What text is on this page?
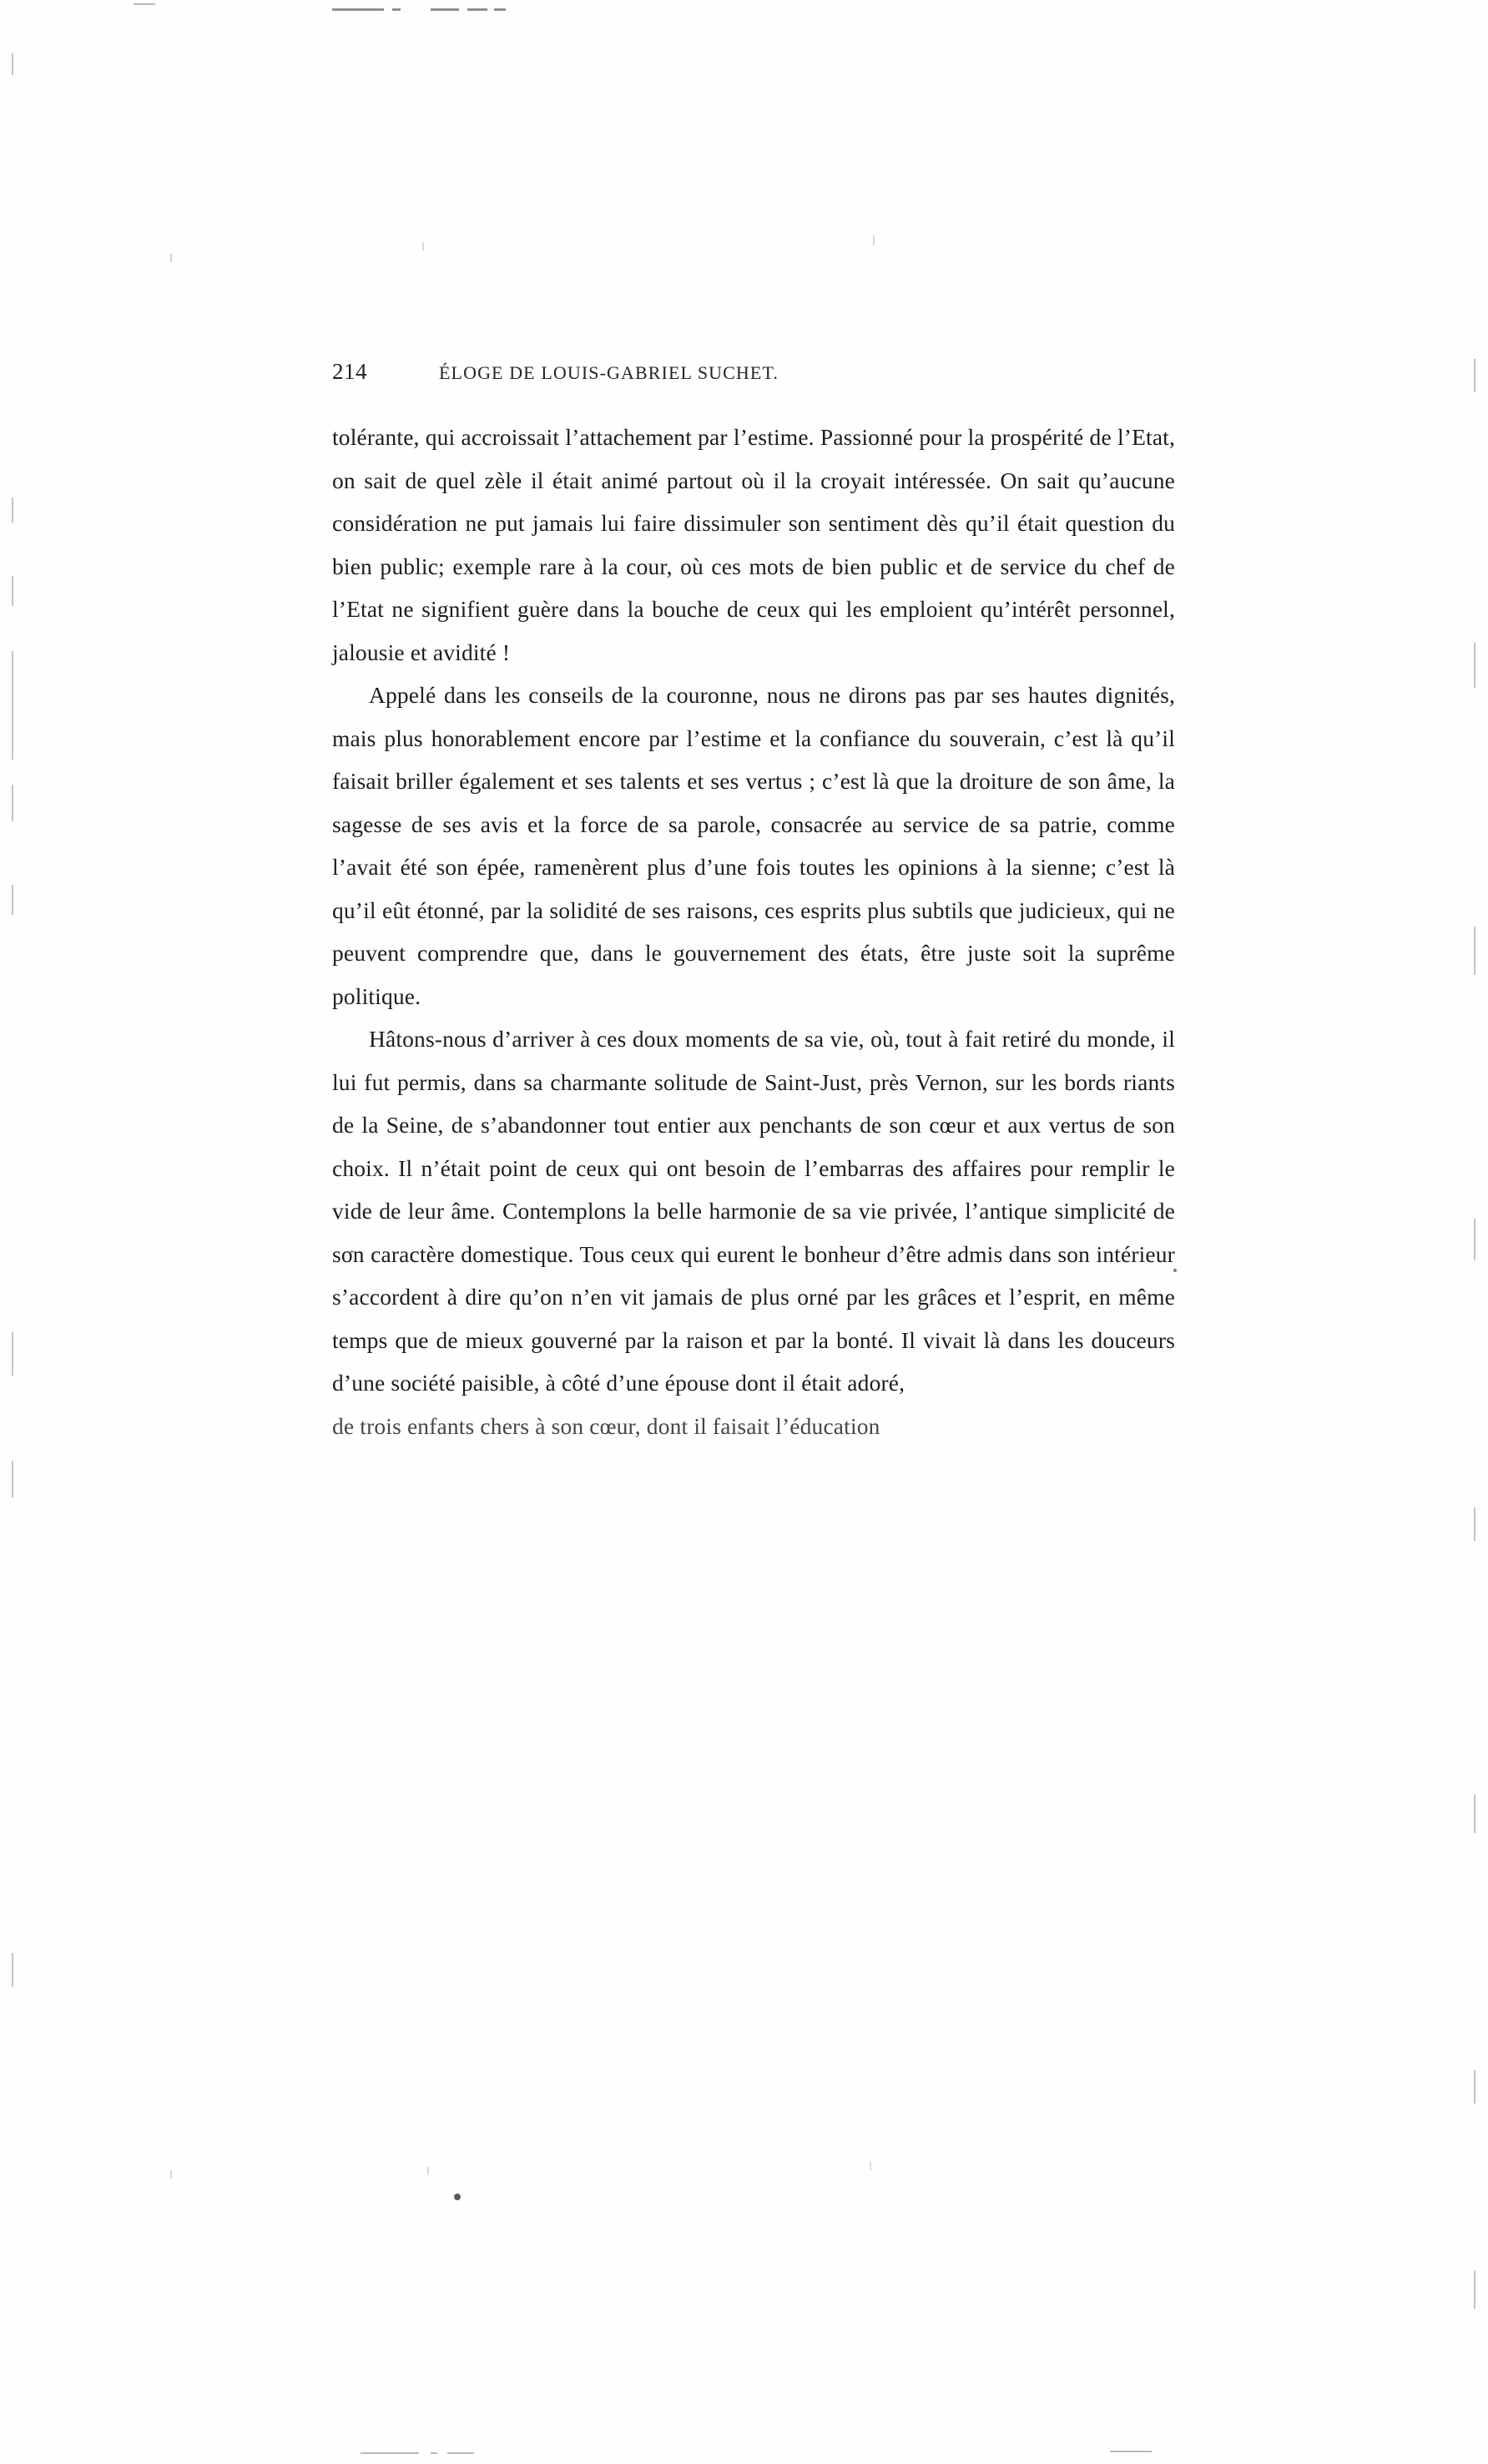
214	ÉLOGE DE LOUIS-GABRIEL SUCHET.

tolérante, qui accroissait l’attachement par l’estime. Passionné pour la prospérité de l’Etat, on sait de quel zèle il était animé partout où il la croyait intéressée. On sait qu’aucune considération ne put jamais lui faire dissimuler son sentiment dès qu’il était question du bien public; exemple rare à la cour, où ces mots de bien public et de service du chef de l’Etat ne signifient guère dans la bouche de ceux qui les emploient qu’intérêt personnel, jalousie et avidité !

Appelé dans les conseils de la couronne, nous ne dirons pas par ses hautes dignités, mais plus honorablement encore par l’estime et la confiance du souverain, c’est là qu’il faisait briller également et ses talents et ses vertus ; c’est là que la droiture de son âme, la sagesse de ses avis et la force de sa parole, consacrée au service de sa patrie, comme l’avait été son épée, ramenèrent plus d’une fois toutes les opinions à la sienne; c’est là qu’il eût étonné, par la solidité de ses raisons, ces esprits plus subtils que judicieux, qui ne peuvent comprendre que, dans le gouvernement des états, être juste soit la suprême politique.

Hâtons-nous d’arriver à ces doux moments de sa vie, où, tout à fait retiré du monde, il lui fut permis, dans sa charmante solitude de Saint-Just, près Vernon, sur les bords riants de la Seine, de s’abandonner tout entier aux penchants de son cœur et aux vertus de son choix. Il n’était point de ceux qui ont besoin de l’embarras des affaires pour remplir le vide de leur âme. Contemplons la belle harmonie de sa vie privée, l’antique simplicité de son caractère domestique. Tous ceux qui eurent le bonheur d’être admis dans son intérieur s’accordent à dire qu’on n’en vit jamais de plus orné par les grâces et l’esprit, en même temps que de mieux gouverné par la raison et par la bonté. Il vivait là dans les douceurs d’une société paisible, à côté d’une épouse dont il était adoré,

de trois enfants chers à son cœur, dont il faisait l’éducation
